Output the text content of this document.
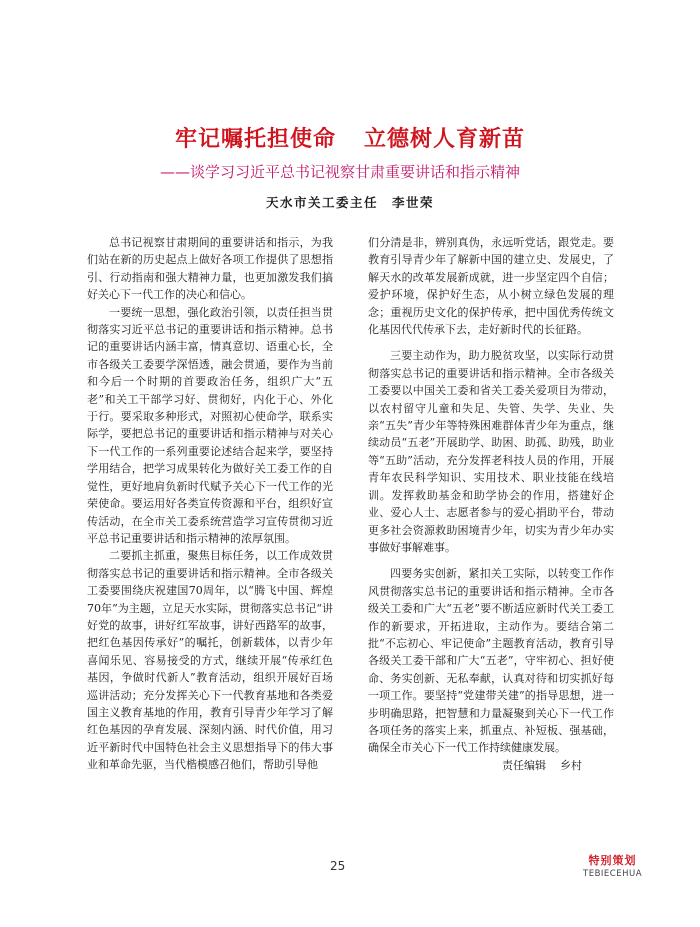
牢记嘱托担使命 立德树人育新苗
——谈学习习近平总书记视察甘肃重要讲话和指示精神
天水市关工委主任 李世荣

总书记视察甘肃期间的重要讲话和指示，为我们站在新的历史起点上做好各项工作提供了思想指引、行动指南和强大精神力量，也更加激发我们搞好关心下一代工作的决心和信心。

一要统一思想，强化政治引领，以责任担当贯彻落实习近平总书记的重要讲话和指示精神。总书记的重要讲话内涵丰富，情真意切、语重心长，全市各级关工委要学深悟透，融会贯通，要作为当前和今后一个时期的首要政治任务，组织广大“五老”和关工干部学习好、贯彻好，内化于心、外化于行。要采取多种形式，对照初心使命学，联系实际学，要把总书记的重要讲话和指示精神与对关心下一代工作的一系列重要论述结合起来学，要坚持学用结合，把学习成果转化为做好关工委工作的自觉性，更好地肩负新时代赋予关心下一代工作的光荣使命。要运用好各类宣传资源和平台，组织好宣传活动，在全市关工委系统营造学习宣传贯彻习近平总书记重要讲话和指示精神的浓厚氛围。

二要抓主抓重，聚焦目标任务，以工作成效贯彻落实总书记的重要讲话和指示精神。全市各级关工委要围绕庆祝建国70周年，以“腾飞中国、辉煌70年”为主题，立足天水实际，贯彻落实总书记“讲好党的故事，讲好红军故事，讲好西路军的故事，把红色基因传承好”的嘱托，创新载体，以青少年喜闻乐见、容易接受的方式，继续开展“传承红色基因，争做时代新人”教育活动，组织开展好百场巡讲活动；充分发挥关心下一代教育基地和各类爱国主义教育基地的作用，教育引导青少年学习了解红色基因的孕育发展、深刻内涵、时代价值，用习近平新时代中国特色社会主义思想指导下的伟大事业和革命先驱，当代楷模感召他们，帮助引导他

们分清是非，辨别真伪，永远听党话，跟党走。要教育引导青少年了解新中国的建立史、发展史，了解天水的改革发展新成就，进一步坚定四个自信；爱护环境，保护好生态，从小树立绿色发展的理念；重视历史文化的保护传承，把中国优秀传统文化基因代代传承下去，走好新时代的长征路。

三要主动作为，助力脱贫攻坚，以实际行动贯彻落实总书记的重要讲话和指示精神。全市各级关工委要以中国关工委和省关工委关爱项目为带动，以农村留守儿童和失足、失管、失学、失业、失亲“五失”青少年等特殊困难群体青少年为重点，继续动员“五老”开展助学、助困、助孤、助残，助业等“五助”活动，充分发挥老科技人员的作用，开展青年农民科学知识、实用技术、职业技能在线培训。发挥救助基金和助学协会的作用，搭建好企业、爱心人士、志愿者参与的爱心捐助平台，带动更多社会资源救助困境青少年，切实为青少年办实事做好事解难事。

四要务实创新，紧扣关工实际，以转变工作作风贯彻落实总书记的重要讲话和指示精神。全市各级关工委和广大“五老”要不断适应新时代关工委工作的新要求，开拓进取，主动作为。要结合第二批“不忘初心、牢记使命”主题教育活动，教育引导各级关工委干部和广大“五老”，守牢初心、担好使命、务实创新、无私奉献，认真对待和切实抓好每一项工作。要坚持“党建带关建”的指导思想，进一步明确思路，把智慧和力量凝聚到关心下一代工作各项任务的落实上来，抓重点、补短板、强基础，确保全市关心下一代工作持续健康发展。

责任编辑 乡村
25	特别策划
TEBIECEHUA
